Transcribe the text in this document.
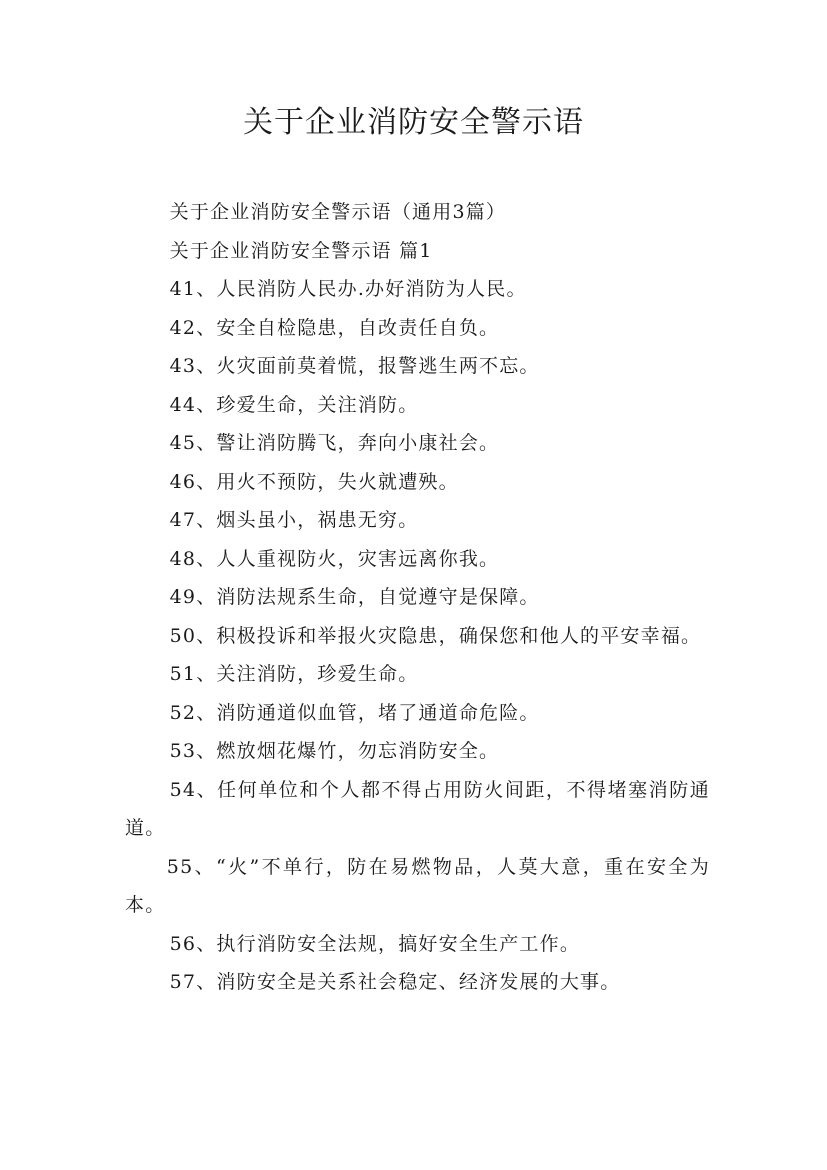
关于企业消防安全警示语

关于企业消防安全警示语（通用3篇）

关于企业消防安全警示语 篇1

41、人民消防人民办.办好消防为人民。

42、安全自检隐患，自改责任自负。

43、火灾面前莫着慌，报警逃生两不忘。

44、珍爱生命，关注消防。

45、警让消防腾飞，奔向小康社会。

46、用火不预防，失火就遭殃。

47、烟头虽小，祸患无穷。

48、人人重视防火，灾害远离你我。

49、消防法规系生命，自觉遵守是保障。

50、积极投诉和举报火灾隐患，确保您和他人的平安幸福。

51、关注消防，珍爱生命。

52、消防通道似血管，堵了通道命危险。

53、燃放烟花爆竹，勿忘消防安全。

54、任何单位和个人都不得占用防火间距，不得堵塞消防通道。

55、“火”不单行，防在易燃物品，人莫大意，重在安全为本。

56、执行消防安全法规，搞好安全生产工作。

57、消防安全是关系社会稳定、经济发展的大事。
